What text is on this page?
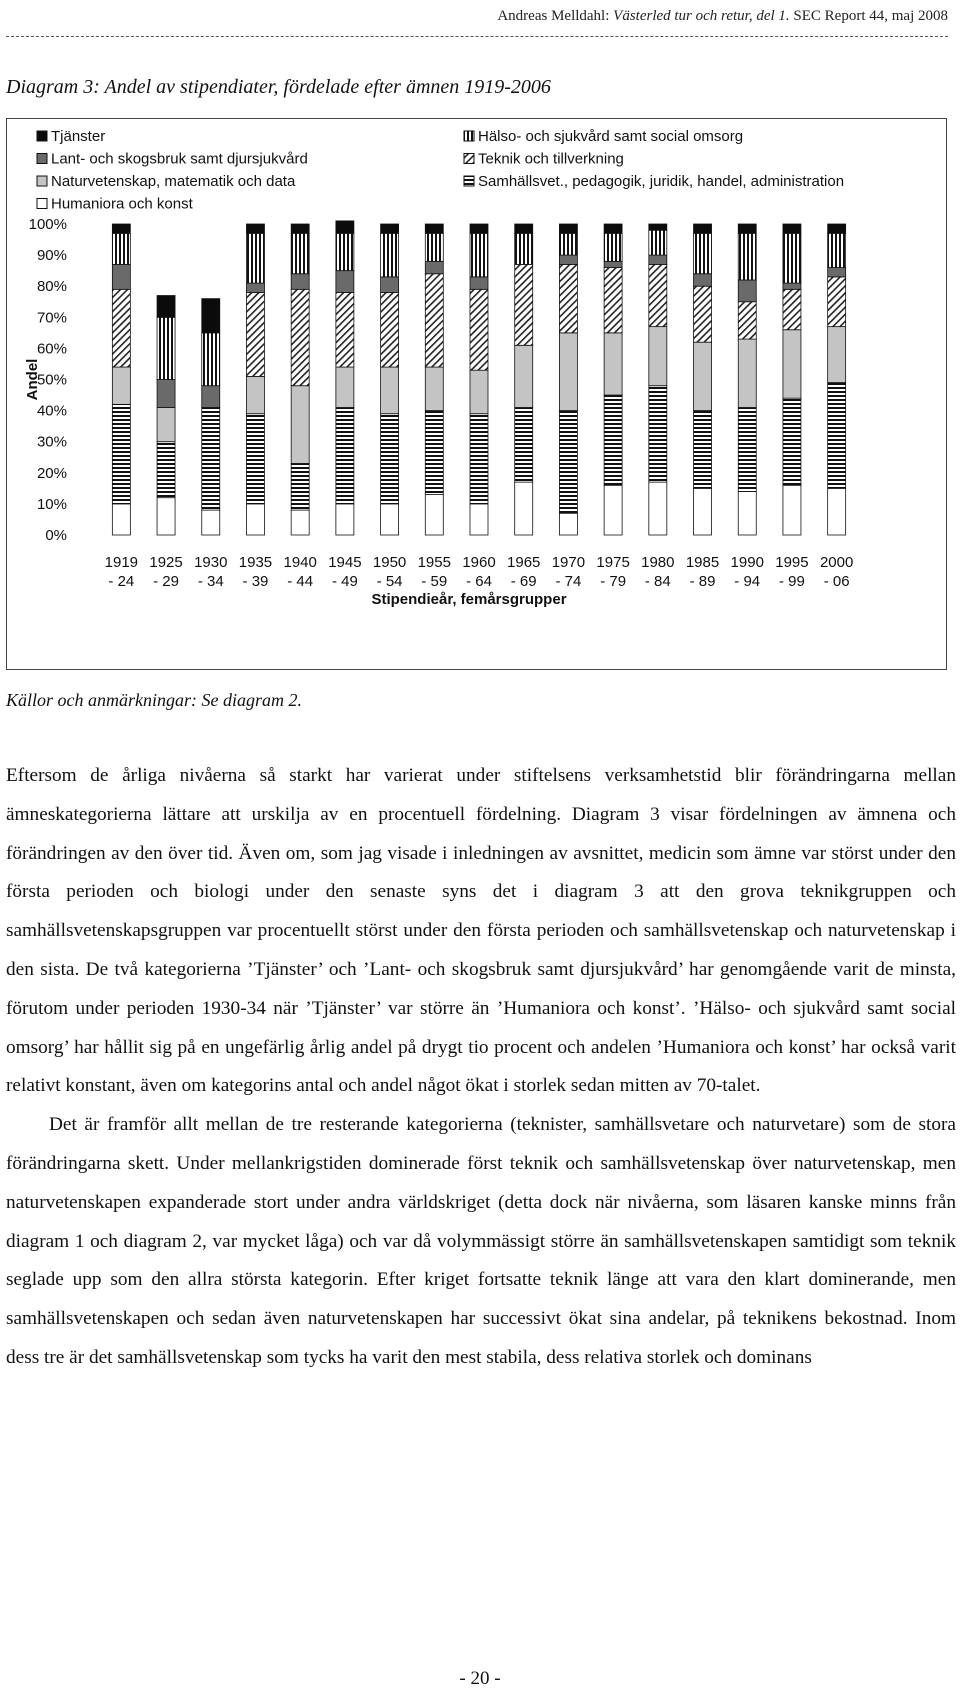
Andreas Melldahl: Västerled tur och retur, del 1. SEC Report 44, maj 2008
Diagram 3: Andel av stipendiater, fördelade efter ämnen 1919-2006
Tjänster
Lant- och skogsbruk samt djursjukvård
Naturvetenskap, matematik och data
Humaniora och konst
Hälso- och sjukvård samt social omsorg
Teknik och tillverkning
Samhällsvet., pedagogik, juridik, handel, administration
0%
10%
20%
30%
40%
50%
60%
70%
80%
90%
100%
Andel
1919
- 24
1925
- 29
1930
- 34
1935
- 39
1940
- 44
1945
- 49
1950
- 54
1955
- 59
1960
- 64
1965
- 69
1970
- 74
1975
- 79
1980
- 84
1985
- 89
1990
- 94
1995
- 99
2000
- 06
Stipendieår, femårsgrupper
Källor och anmärkningar: Se diagram 2.

Eftersom de årliga nivåerna så starkt har varierat under stiftelsens verksamhetstid blir förändringarna mellan ämneskategorierna lättare att urskilja av en procentuell fördelning. Diagram 3 visar fördelningen av ämnena och förändringen av den över tid. Även om, som jag visade i inledningen av avsnittet, medicin som ämne var störst under den första perioden och biologi under den senaste syns det i diagram 3 att den grova teknikgruppen och samhällsvetenskapsgruppen var procentuellt störst under den första perioden och samhällsvetenskap och naturvetenskap i den sista. De två kategorierna ’Tjänster’ och ’Lant- och skogsbruk samt djursjukvård’ har genomgående varit de minsta, förutom under perioden 1930-34 när ’Tjänster’ var större än ’Humaniora och konst’. ’Hälso- och sjukvård samt social omsorg’ har hållit sig på en ungefärlig årlig andel på drygt tio procent och andelen ’Humaniora och konst’ har också varit relativt konstant, även om kategorins antal och andel något ökat i storlek sedan mitten av 70-talet.

Det är framför allt mellan de tre resterande kategorierna (teknister, samhällsvetare och naturvetare) som de stora förändringarna skett. Under mellankrigstiden dominerade först teknik och samhällsvetenskap över naturvetenskap, men naturvetenskapen expanderade stort under andra världskriget (detta dock när nivåerna, som läsaren kanske minns från diagram 1 och diagram 2, var mycket låga) och var då volymmässigt större än samhällsvetenskapen samtidigt som teknik seglade upp som den allra största kategorin. Efter kriget fortsatte teknik länge att vara den klart dominerande, men samhällsvetenskapen och sedan även naturvetenskapen har successivt ökat sina andelar, på teknikens bekostnad. Inom dess tre är det samhällsvetenskap som tycks ha varit den mest stabila, dess relativa storlek och dominans

- 20 -
